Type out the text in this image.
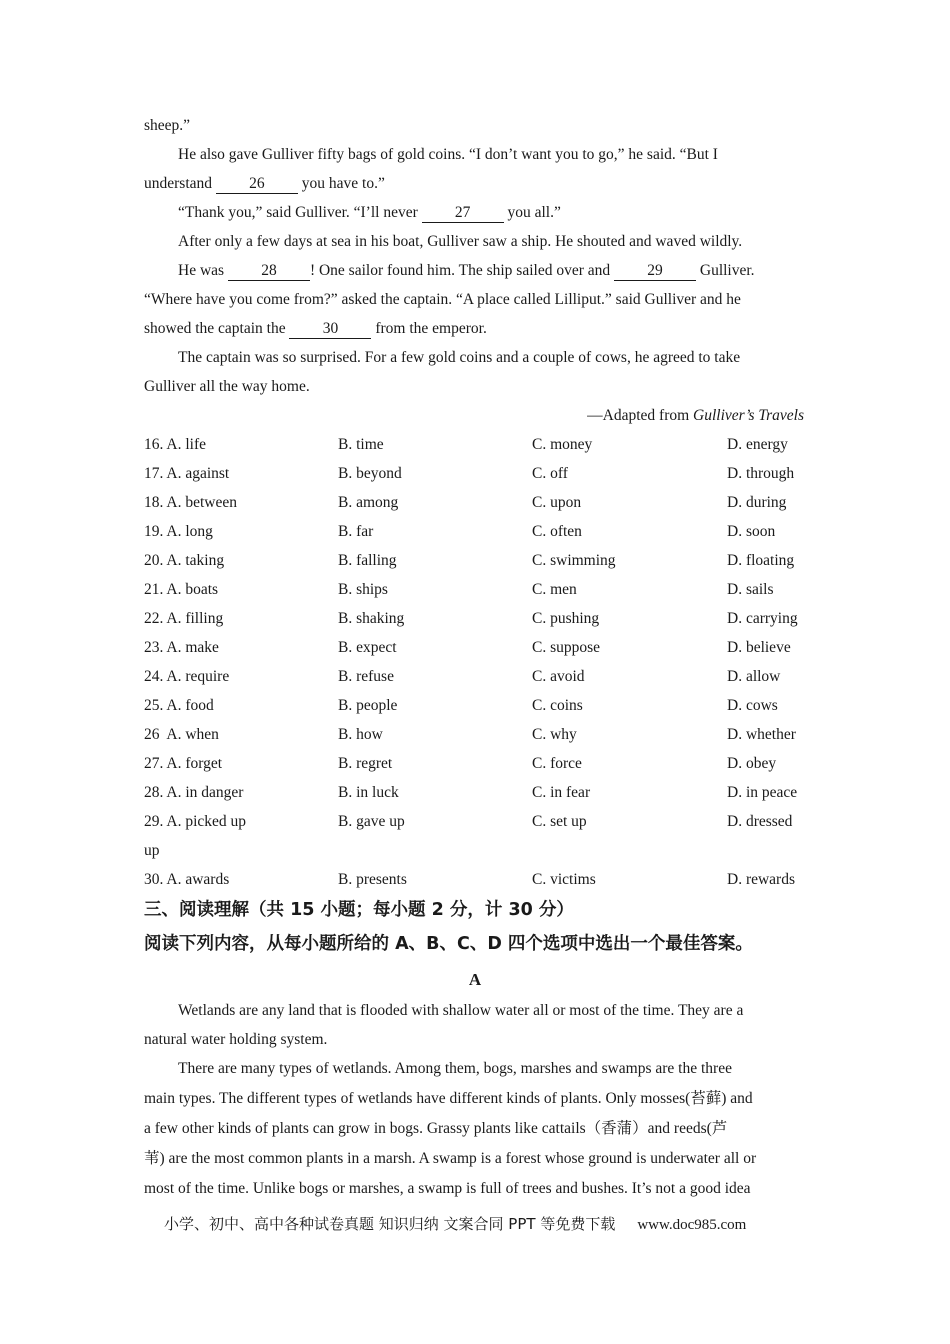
sheep.”
He also gave Gulliver fifty bags of gold coins. “I don’t want you to go,” he said. “But I
understand 26 you have to.”
“Thank you,” said Gulliver. “I’ll never 27 you all.”
After only a few days at sea in his boat, Gulliver saw a ship. He shouted and waved wildly.
He was 28 ! One sailor found him. The ship sailed over and 29 Gulliver.
“Where have you come from?” asked the captain. “A place called Lilliput.” said Gulliver and he
showed the captain the 30 from the emperor.
The captain was so surprised. For a few gold coins and a couple of cows, he agreed to take
Gulliver all the way home.
—Adapted from Gulliver’s Travels
16. A. life	B. time	C. money	D. energy
17. A. against	B. beyond	C. off	D. through
18. A. between	B. among	C. upon	D. during
19. A. long	B. far	C. often	D. soon
20. A. taking	B. falling	C. swimming	D. floating
21. A. boats	B. ships	C. men	D. sails
22. A. filling	B. shaking	C. pushing	D. carrying
23. A. make	B. expect	C. suppose	D. believe
24. A. require	B. refuse	C. avoid	D. allow
25. A. food	B. people	C. coins	D. cows
26  A. when	B. how	C. why	D. whether
27. A. forget	B. regret	C. force	D. obey
28. A. in danger	B. in luck	C. in fear	D. in peace
29. A. picked up	B. gave up	C. set up	D. dressed
up
30. A. awards	B. presents	C. victims	D. rewards
三、阅读理解（共 15 小题；每小题 2 分，计 30 分）
阅读下列内容，从每小题所给的 A、B、C、D 四个选项中选出一个最佳答案。
A
Wetlands are any land that is flooded with shallow water all or most of the time. They are a
natural water holding system.
There are many types of wetlands. Among them, bogs, marshes and swamps are the three
main types. The different types of wetlands have different kinds of plants. Only mosses(苔藓) and
a few other kinds of plants can grow in bogs. Grassy plants like cattails（香蒲）and reeds(芦
苇) are the most common plants in a marsh. A swamp is a forest whose ground is underwater all or
most of the time. Unlike bogs or marshes, a swamp is full of trees and bushes. It’s not a good idea
小学、初中、高中各种试卷真题 知识归纳 文案合同 PPT 等免费下载 www.doc985.com
